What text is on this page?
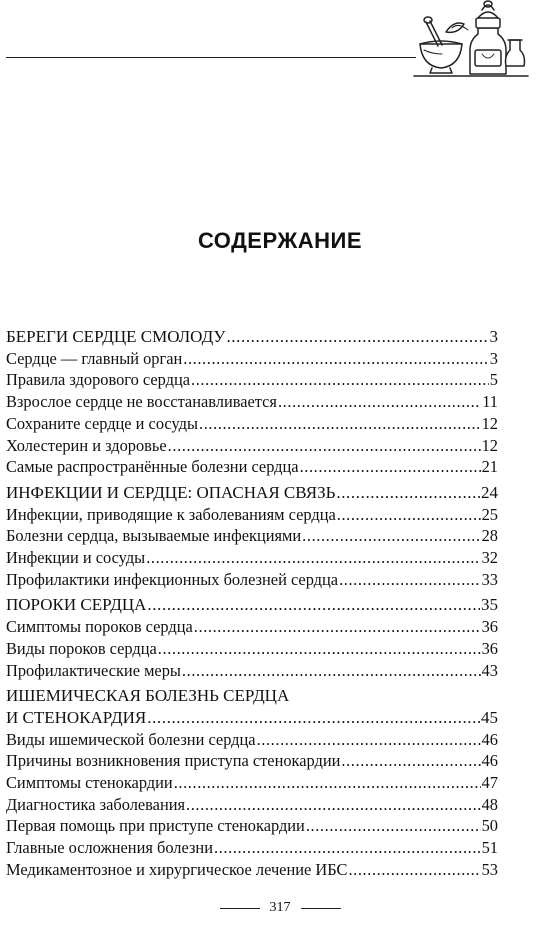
СОДЕРЖАНИЕ
БЕРЕГИ СЕРДЦЕ СМОЛОДУ .....	3
Сердце — главный орган .....	3
Правила здорового сердца .....	5
Взрослое сердце не восстанавливается .....	11
Сохраните сердце и сосуды .....	12
Холестерин и здоровье .....	12
Самые распространённые болезни сердца .....	21
ИНФЕКЦИИ И СЕРДЦЕ: ОПАСНАЯ СВЯЗЬ .....	24
Инфекции, приводящие к заболеваниям сердца .....	25
Болезни сердца, вызываемые инфекциями .....	28
Инфекции и сосуды .....	32
Профилактики инфекционных болезней сердца .....	33
ПОРОКИ СЕРДЦА .....	35
Симптомы пороков сердца .....	36
Виды пороков сердца .....	36
Профилактические меры .....	43
ИШЕМИЧЕСКАЯ БОЛЕЗНЬ СЕРДЦА
И СТЕНОКАРДИЯ .....	45
Виды ишемической болезни сердца .....	46
Причины возникновения приступа стенокардии .....	46
Симптомы стенокардии .....	47
Диагностика заболевания .....	48
Первая помощь при приступе стенокардии .....	50
Главные осложнения болезни .....	51
Медикаментозное и хирургическое лечение ИБС .....	53
317
